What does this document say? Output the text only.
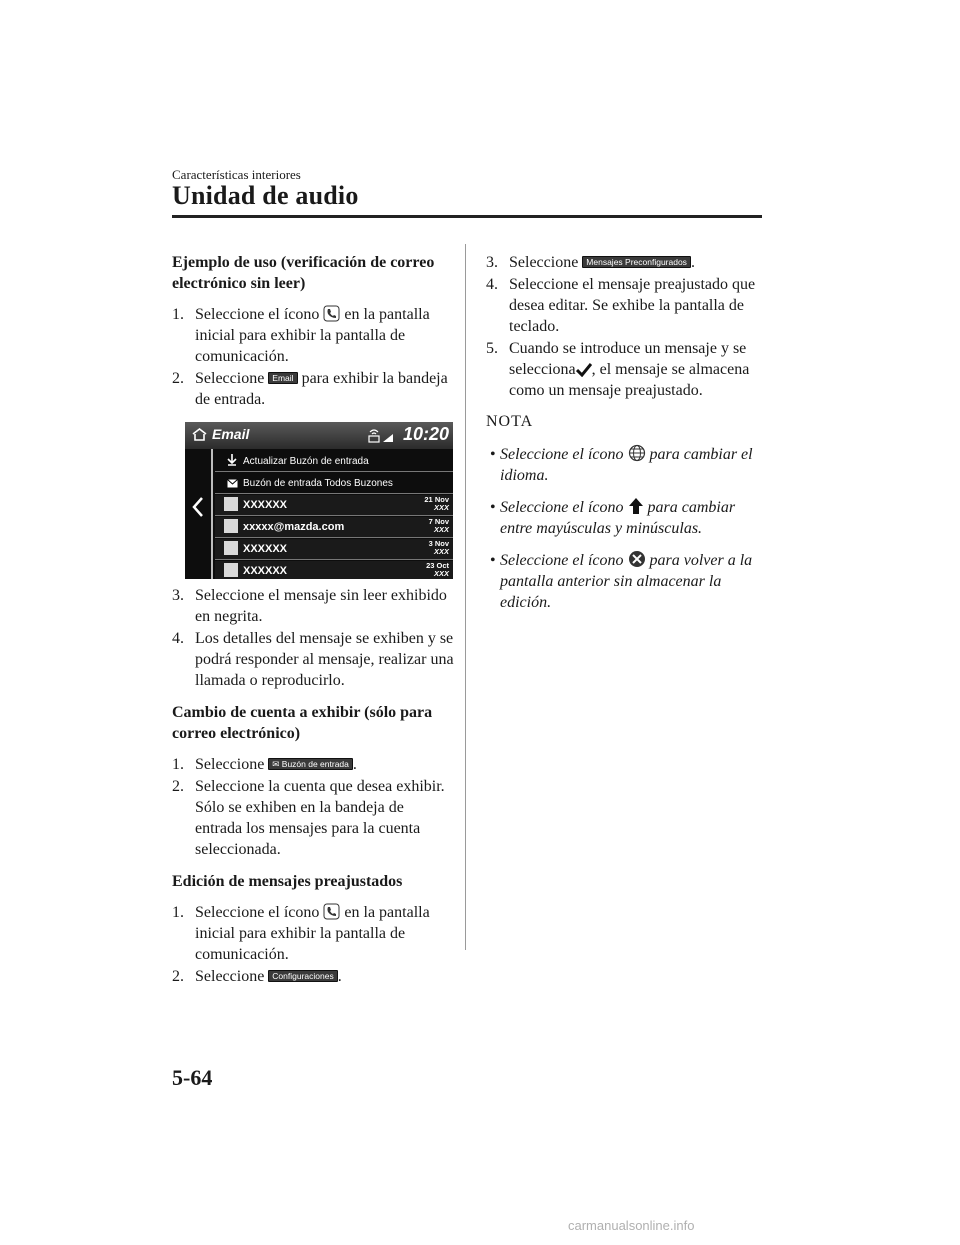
Características interiores
Unidad de audio
Ejemplo de uso (verificación de correo electrónico sin leer)
1. Seleccione el ícono en la pantalla inicial para exhibir la pantalla de comunicación.
2. Seleccione Email para exhibir la bandeja de entrada.
Email	10:20
Actualizar Buzón de entrada
Buzón de entrada Todos Buzones
XXXXXX	21 Nov
XXX
xxxxx@mazda.com	7 Nov
XXX
XXXXXX	3 Nov
XXX
XXXXXX	23 Oct
XXX
3. Seleccione el mensaje sin leer exhibido en negrita.
4. Los detalles del mensaje se exhiben y se podrá responder al mensaje, realizar una llamada o reproducirlo.
Cambio de cuenta a exhibir (sólo para correo electrónico)
1. Seleccione ✉ Buzón de entrada .
2. Seleccione la cuenta que desea exhibir. Sólo se exhiben en la bandeja de entrada los mensajes para la cuenta seleccionada.
Edición de mensajes preajustados
1. Seleccione el ícono en la pantalla inicial para exhibir la pantalla de comunicación.
2. Seleccione Configuraciones .
3. Seleccione Mensajes Preconfigurados .
4. Seleccione el mensaje preajustado que desea editar. Se exhibe la pantalla de teclado.
5. Cuando se introduce un mensaje y se selecciona , el mensaje se almacena como un mensaje preajustado.
NOTA
• Seleccione el ícono para cambiar el idioma.
• Seleccione el ícono para cambiar entre mayúsculas y minúsculas.
• Seleccione el ícono para volver a la pantalla anterior sin almacenar la edición.
5-64
carmanualsonline.info
